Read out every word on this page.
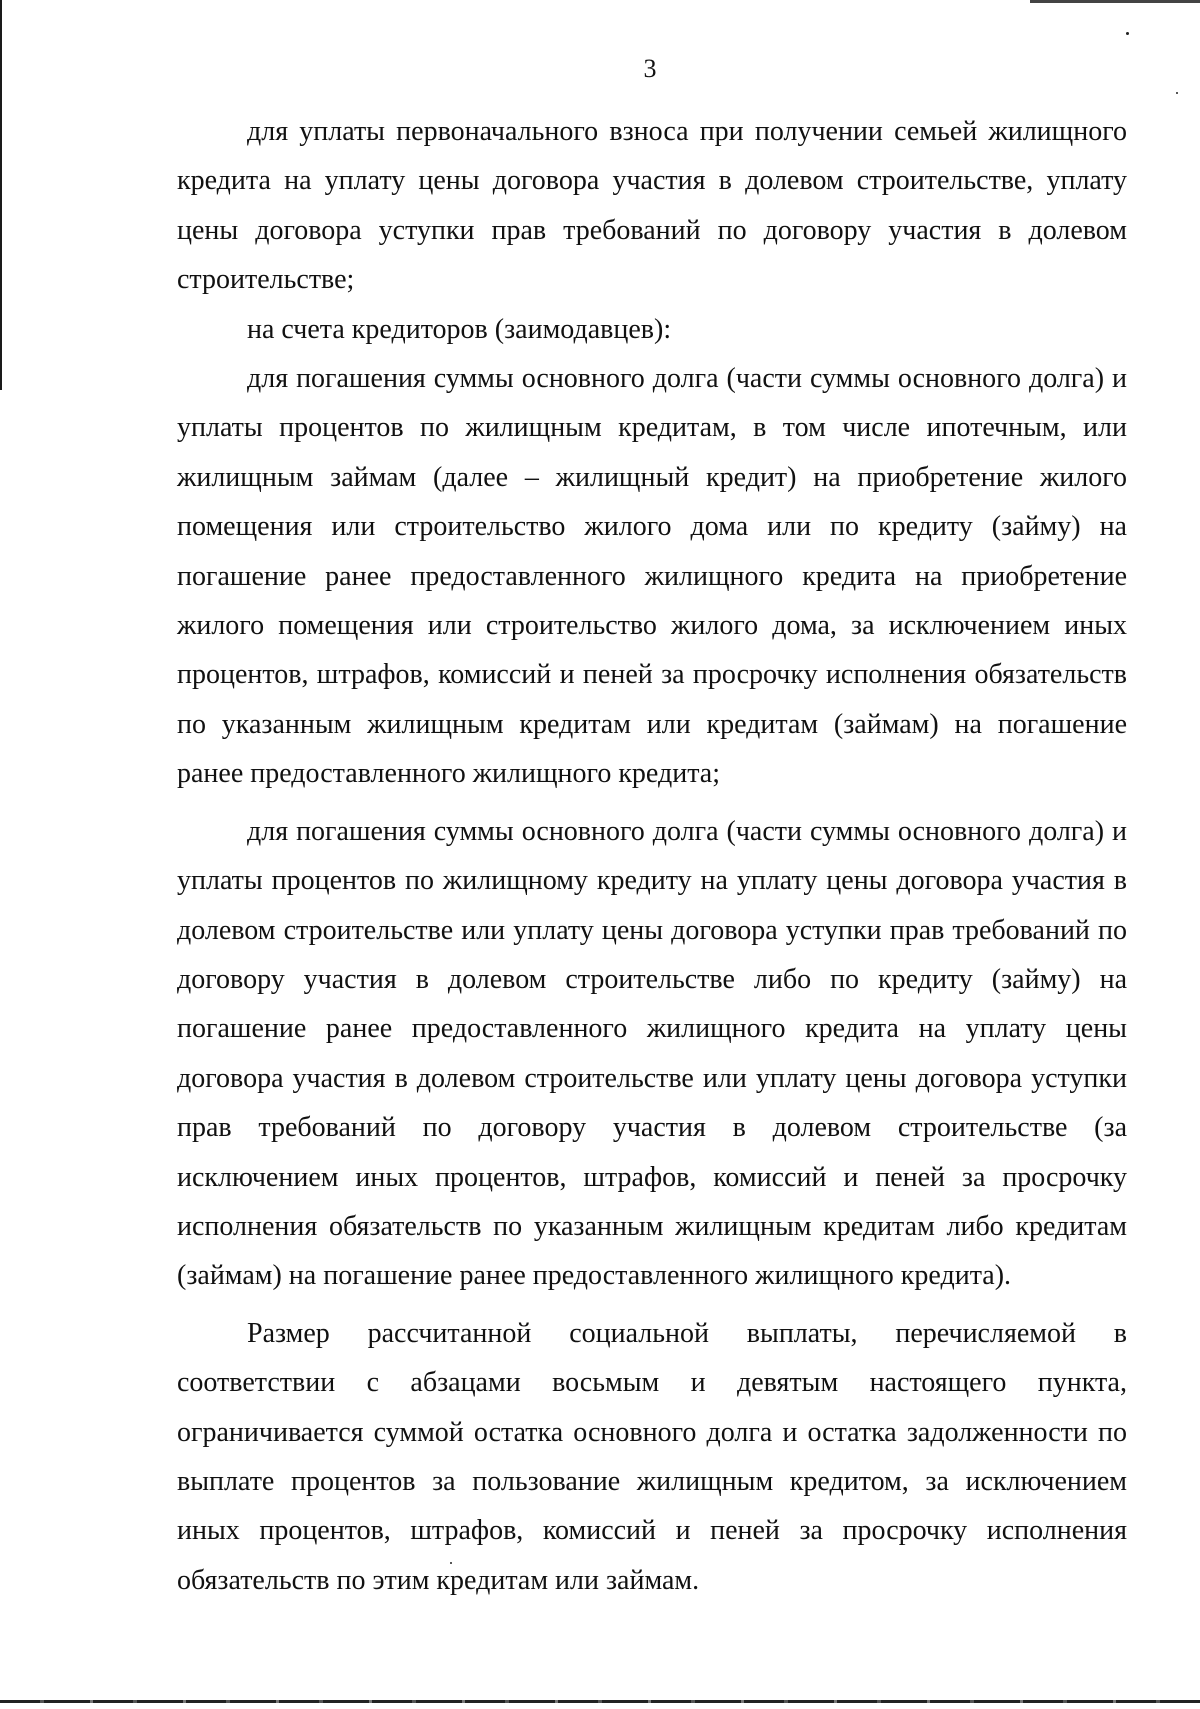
3

для уплаты первоначального взноса при получении семьей жилищного кредита на уплату цены договора участия в долевом строительстве, уплату цены договора уступки прав требований по договору участия в долевом строительстве;

на счета кредиторов (заимодавцев):

для погашения суммы основного долга (части суммы основного долга) и уплаты процентов по жилищным кредитам, в том числе ипотечным, или жилищным займам (далее – жилищный кредит) на приобретение жилого помещения или строительство жилого дома или по кредиту (займу) на погашение ранее предоставленного жилищного кредита на приобретение жилого помещения или строительство жилого дома, за исключением иных процентов, штрафов, комиссий и пеней за просрочку исполнения обязательств по указанным жилищным кредитам или кредитам (займам) на погашение ранее предоставленного жилищного кредита;

для погашения суммы основного долга (части суммы основного долга) и уплаты процентов по жилищному кредиту на уплату цены договора участия в долевом строительстве или уплату цены договора уступки прав требований по договору участия в долевом строительстве либо по кредиту (займу) на погашение ранее предоставленного жилищного кредита на уплату цены договора участия в долевом строительстве или уплату цены договора уступки прав требований по договору участия в долевом строительстве (за исключением иных процентов, штрафов, комиссий и пеней за просрочку исполнения обязательств по указанным жилищным кредитам либо кредитам (займам) на погашение ранее предоставленного жилищного кредита).

Размер рассчитанной социальной выплаты, перечисляемой в соответствии с абзацами восьмым и девятым настоящего пункта, ограничивается суммой остатка основного долга и остатка задолженности по выплате процентов за пользование жилищным кредитом, за исключением иных процентов, штрафов, комиссий и пеней за просрочку исполнения обязательств по этим кредитам или займам.
